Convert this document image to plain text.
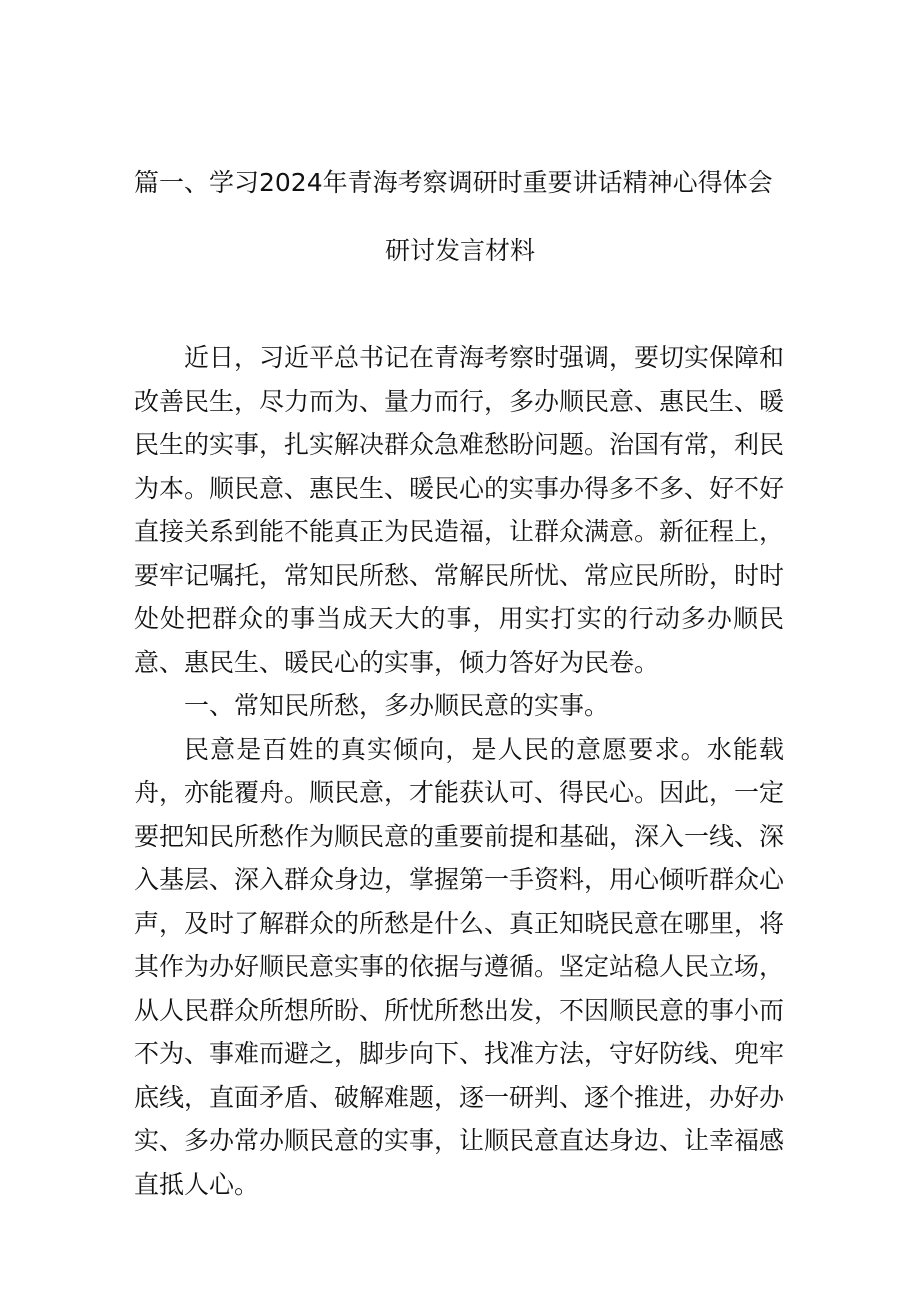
篇一、学习2024年青海考察调研时重要讲话精神心得体会
研讨发言材料

近日，习近平总书记在青海考察时强调，要切实保障和改善民生，尽力而为、量力而行，多办顺民意、惠民生、暖民生的实事，扎实解决群众急难愁盼问题。治国有常，利民为本。顺民意、惠民生、暖民心的实事办得多不多、好不好直接关系到能不能真正为民造福，让群众满意。新征程上，要牢记嘱托，常知民所愁、常解民所忧、常应民所盼，时时处处把群众的事当成天大的事，用实打实的行动多办顺民意、惠民生、暖民心的实事，倾力答好为民卷。

一、常知民所愁，多办顺民意的实事。

民意是百姓的真实倾向，是人民的意愿要求。水能载舟，亦能覆舟。顺民意，才能获认可、得民心。因此，一定要把知民所愁作为顺民意的重要前提和基础，深入一线、深入基层、深入群众身边，掌握第一手资料，用心倾听群众心声，及时了解群众的所愁是什么、真正知晓民意在哪里，将其作为办好顺民意实事的依据与遵循。坚定站稳人民立场，从人民群众所想所盼、所忧所愁出发，不因顺民意的事小而不为、事难而避之，脚步向下、找准方法，守好防线、兜牢底线，直面矛盾、破解难题，逐一研判、逐个推进，办好办实、多办常办顺民意的实事，让顺民意直达身边、让幸福感直抵人心。
